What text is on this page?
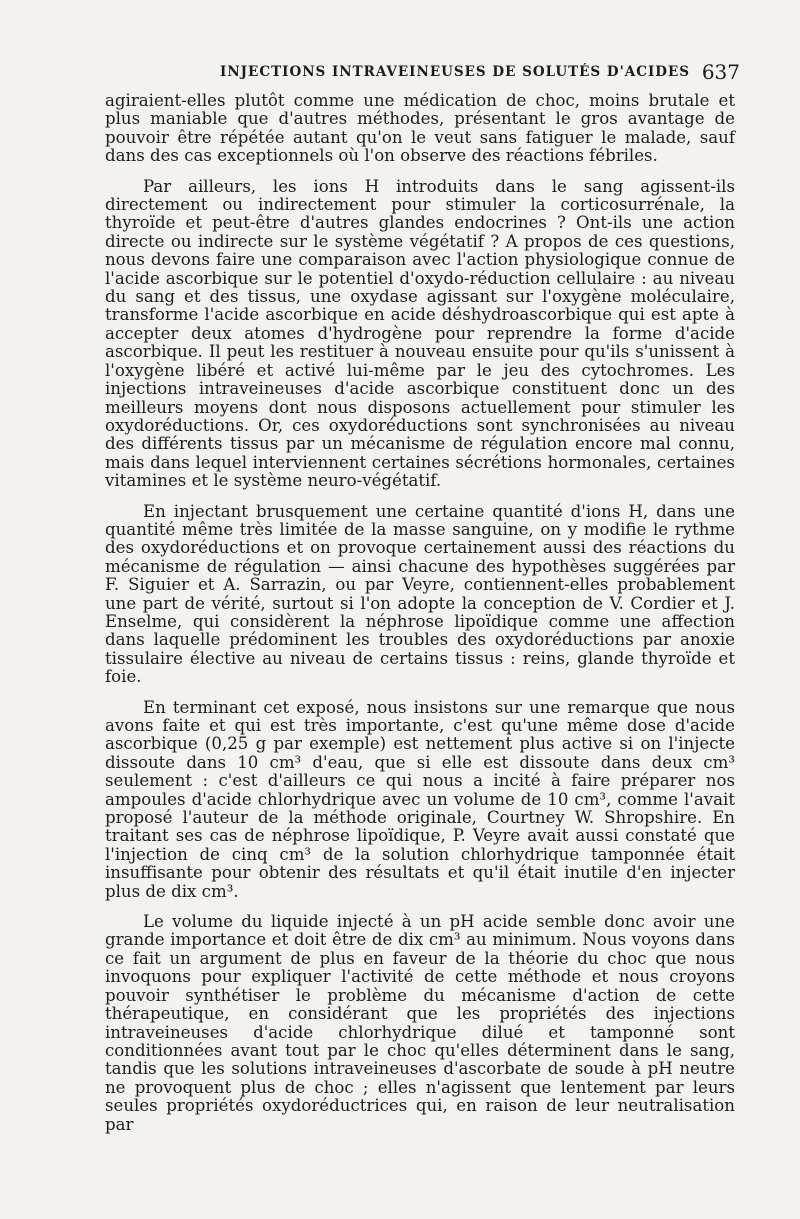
INJECTIONS INTRAVEINEUSES DE SOLUTÉS D'ACIDES 637

agiraient-elles plutôt comme une médication de choc, moins brutale et plus maniable que d'autres méthodes, présentant le gros avantage de pouvoir être répétée autant qu'on le veut sans fatiguer le malade, sauf dans des cas exceptionnels où l'on observe des réactions fébriles.

Par ailleurs, les ions H introduits dans le sang agissent-ils directement ou indirectement pour stimuler la corticosurrénale, la thyroïde et peut-être d'autres glandes endocrines ? Ont-ils une action directe ou indirecte sur le système végétatif ? A propos de ces questions, nous devons faire une comparaison avec l'action physiologique connue de l'acide ascorbique sur le potentiel d'oxydo-réduction cellulaire : au niveau du sang et des tissus, une oxydase agissant sur l'oxygène moléculaire, transforme l'acide ascorbique en acide déshydroascorbique qui est apte à accepter deux atomes d'hydrogène pour reprendre la forme d'acide ascorbique. Il peut les restituer à nouveau ensuite pour qu'ils s'unissent à l'oxygène libéré et activé lui-même par le jeu des cytochromes. Les injections intraveineuses d'acide ascorbique constituent donc un des meilleurs moyens dont nous disposons actuellement pour stimuler les oxydoréductions. Or, ces oxydoréductions sont synchronisées au niveau des différents tissus par un mécanisme de régulation encore mal connu, mais dans lequel interviennent certaines sécrétions hormonales, certaines vitamines et le système neuro-végétatif.

En injectant brusquement une certaine quantité d'ions H, dans une quantité même très limitée de la masse sanguine, on y modifie le rythme des oxydoréductions et on provoque certainement aussi des réactions du mécanisme de régulation — ainsi chacune des hypothèses suggérées par F. Siguier et A. Sarrazin, ou par Veyre, contiennent-elles probablement une part de vérité, surtout si l'on adopte la conception de V. Cordier et J. Enselme, qui considèrent la néphrose lipoïdique comme une affection dans laquelle prédominent les troubles des oxydoréductions par anoxie tissulaire élective au niveau de certains tissus : reins, glande thyroïde et foie.

En terminant cet exposé, nous insistons sur une remarque que nous avons faite et qui est très importante, c'est qu'une même dose d'acide ascorbique (0,25 g par exemple) est nettement plus active si on l'injecte dissoute dans 10 cm³ d'eau, que si elle est dissoute dans deux cm³ seulement : c'est d'ailleurs ce qui nous a incité à faire préparer nos ampoules d'acide chlorhydrique avec un volume de 10 cm³, comme l'avait proposé l'auteur de la méthode originale, Courtney W. Shropshire. En traitant ses cas de néphrose lipoïdique, P. Veyre avait aussi constaté que l'injection de cinq cm³ de la solution chlorhydrique tamponnée était insuffisante pour obtenir des résultats et qu'il était inutile d'en injecter plus de dix cm³.

Le volume du liquide injecté à un pH acide semble donc avoir une grande importance et doit être de dix cm³ au minimum. Nous voyons dans ce fait un argument de plus en faveur de la théorie du choc que nous invoquons pour expliquer l'activité de cette méthode et nous croyons pouvoir synthétiser le problème du mécanisme d'action de cette thérapeutique, en considérant que les propriétés des injections intraveineuses d'acide chlorhydrique dilué et tamponné sont conditionnées avant tout par le choc qu'elles déterminent dans le sang, tandis que les solutions intraveineuses d'ascorbate de soude à pH neutre ne provoquent plus de choc ; elles n'agissent que lentement par leurs seules propriétés oxydoréductrices qui, en raison de leur neutralisation par
